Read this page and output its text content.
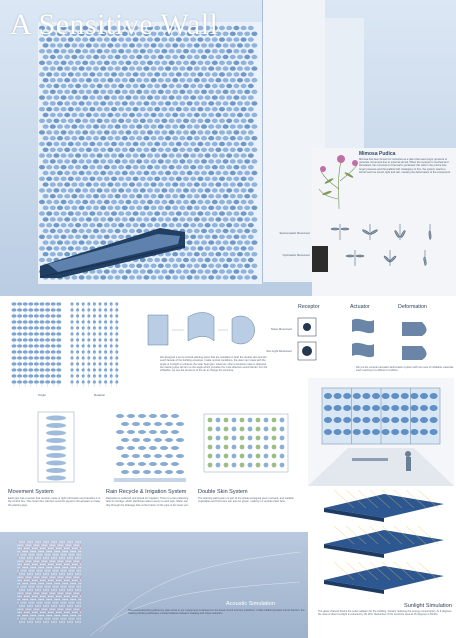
A Sensitive Wall
Mimosa Pudica
Mimosa has been known for centuries as a plant that uses turgor pressure to generate movement due to external stimuli. When the receptor is touched and stimulated, the movement of the leaf is produced: the cells in the pulvini lose turgor pressure and the leaflets fold. Analogous to this, the system reacts to stimuli such as sound, light and rain, causing the deformation of the component.
Seismonastic Movement
Nyctinastic Movement
Origin	Rotation
We designed a set of vertical planting pipes that are installed on both the double skin and the south facade of the building envelope. Inside normal conditions, the plant can rotate with the angle of sunlight to enhance the solar heat gain. However, when excessive noise is detected, the planting pipe will turn to the angle which provides the most effective sound barrier. For the inflatable, we use the pressure of the air to change the structure.
Receptor	Actuator	Deformation
Noise Movement
Sun Light Movement
We put the receptor-actuator-deformation system with two sets of inflatable materials, each reacting to a different condition.
Movement System
Each pipe has a sensor that receives noise or light information and transfers it to the control box. The control box will then send the signal to the actuator to rotate the planting pipe.
Rain Recycle & Irrigation System
Rainwater is collected and stored for irrigation. There is a rain-collecting tank for storage, which distributes water evenly to each pipe. Water can drip through the drainage hole at the bottom of the pipe to the lower pot.
Double Skin System
The planting wall system is part of the whole ecological green network, and suitable vegetables and fruit trees can also be grown, making it a vertical urban farm.
Acoustic Simulation
The sound-absorbing efficiency rates show in our experiment is focused on the linear sound sources (vehicles). Unlike traditional static sound barriers, the rotating planting wall keeps a better balance between shading and noise reduction.
Sunlight Simulation
The glass channel blocks the solar radiation for the building, thereby reducing the energy consumption. At 6 degrees, the area of direct sunlight is reduced by 45.16%. Reduction of the sunshine area at 15 degrees is 59.9%.
